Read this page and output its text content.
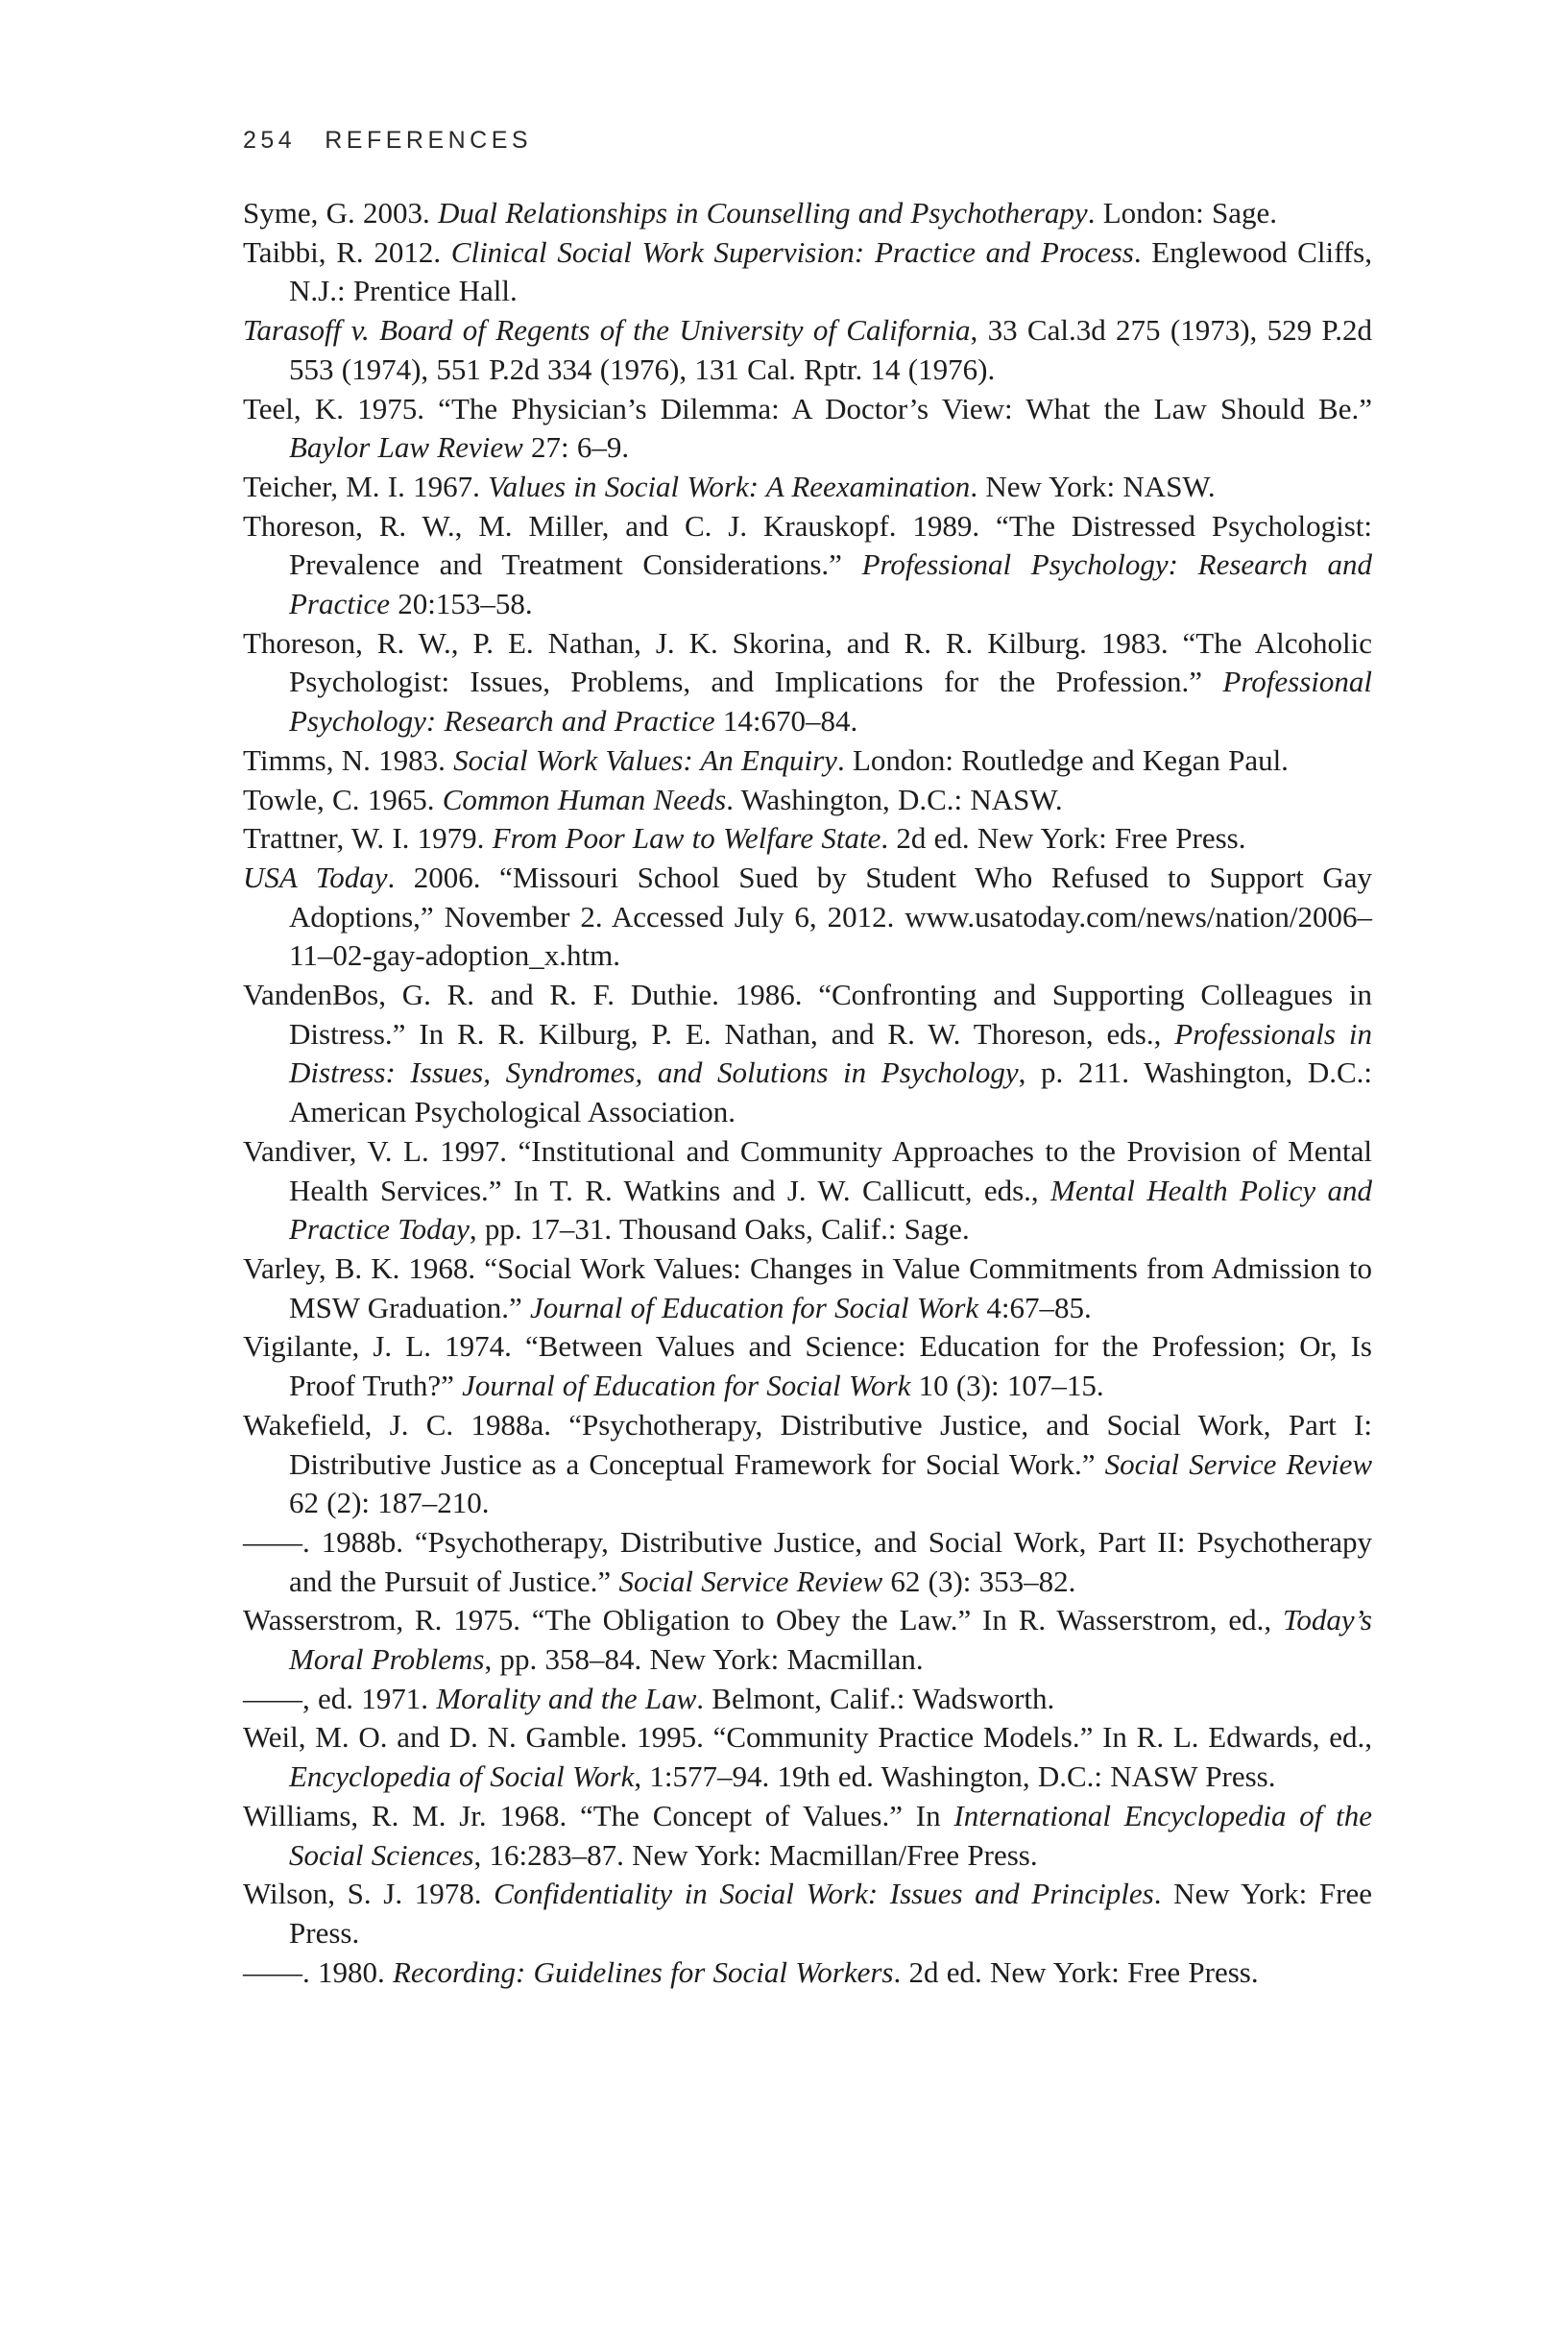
254 REFERENCES

Syme, G. 2003. Dual Relationships in Counselling and Psychotherapy. London: Sage.

Taibbi, R. 2012. Clinical Social Work Supervision: Practice and Process. Englewood Cliffs, N.J.: Prentice Hall.

Tarasoff v. Board of Regents of the University of California, 33 Cal.3d 275 (1973), 529 P.2d 553 (1974), 551 P.2d 334 (1976), 131 Cal. Rptr. 14 (1976).

Teel, K. 1975. “The Physician’s Dilemma: A Doctor’s View: What the Law Should Be.” Baylor Law Review 27: 6–9.

Teicher, M. I. 1967. Values in Social Work: A Reexamination. New York: NASW.

Thoreson, R. W., M. Miller, and C. J. Krauskopf. 1989. “The Distressed Psychologist: Prevalence and Treatment Considerations.” Professional Psychology: Research and Practice 20:153–58.

Thoreson, R. W., P. E. Nathan, J. K. Skorina, and R. R. Kilburg. 1983. “The Alcoholic Psychologist: Issues, Problems, and Implications for the Profession.” Professional Psychology: Research and Practice 14:670–84.

Timms, N. 1983. Social Work Values: An Enquiry. London: Routledge and Kegan Paul.

Towle, C. 1965. Common Human Needs. Washington, D.C.: NASW.

Trattner, W. I. 1979. From Poor Law to Welfare State. 2d ed. New York: Free Press.

USA Today. 2006. “Missouri School Sued by Student Who Refused to Support Gay Adoptions,” November 2. Accessed July 6, 2012. www.usatoday.com/news/nation/2006–11–02-gay-adoption_x.htm.

VandenBos, G. R. and R. F. Duthie. 1986. “Confronting and Supporting Colleagues in Distress.” In R. R. Kilburg, P. E. Nathan, and R. W. Thoreson, eds., Professionals in Distress: Issues, Syndromes, and Solutions in Psychology, p. 211. Washington, D.C.: American Psychological Association.

Vandiver, V. L. 1997. “Institutional and Community Approaches to the Provision of Mental Health Services.” In T. R. Watkins and J. W. Callicutt, eds., Mental Health Policy and Practice Today, pp. 17–31. Thousand Oaks, Calif.: Sage.

Varley, B. K. 1968. “Social Work Values: Changes in Value Commitments from Admission to MSW Graduation.” Journal of Education for Social Work 4:67–85.

Vigilante, J. L. 1974. “Between Values and Science: Education for the Profession; Or, Is Proof Truth?” Journal of Education for Social Work 10 (3): 107–15.

Wakefield, J. C. 1988a. “Psychotherapy, Distributive Justice, and Social Work, Part I: Distributive Justice as a Conceptual Framework for Social Work.” Social Service Review 62 (2): 187–210.

——. 1988b. “Psychotherapy, Distributive Justice, and Social Work, Part II: Psychotherapy and the Pursuit of Justice.” Social Service Review 62 (3): 353–82.

Wasserstrom, R. 1975. “The Obligation to Obey the Law.” In R. Wasserstrom, ed., Today’s Moral Problems, pp. 358–84. New York: Macmillan.

——, ed. 1971. Morality and the Law. Belmont, Calif.: Wadsworth.

Weil, M. O. and D. N. Gamble. 1995. “Community Practice Models.” In R. L. Edwards, ed., Encyclopedia of Social Work, 1:577–94. 19th ed. Washington, D.C.: NASW Press.

Williams, R. M. Jr. 1968. “The Concept of Values.” In International Encyclopedia of the Social Sciences, 16:283–87. New York: Macmillan/Free Press.

Wilson, S. J. 1978. Confidentiality in Social Work: Issues and Principles. New York: Free Press.

——. 1980. Recording: Guidelines for Social Workers. 2d ed. New York: Free Press.
